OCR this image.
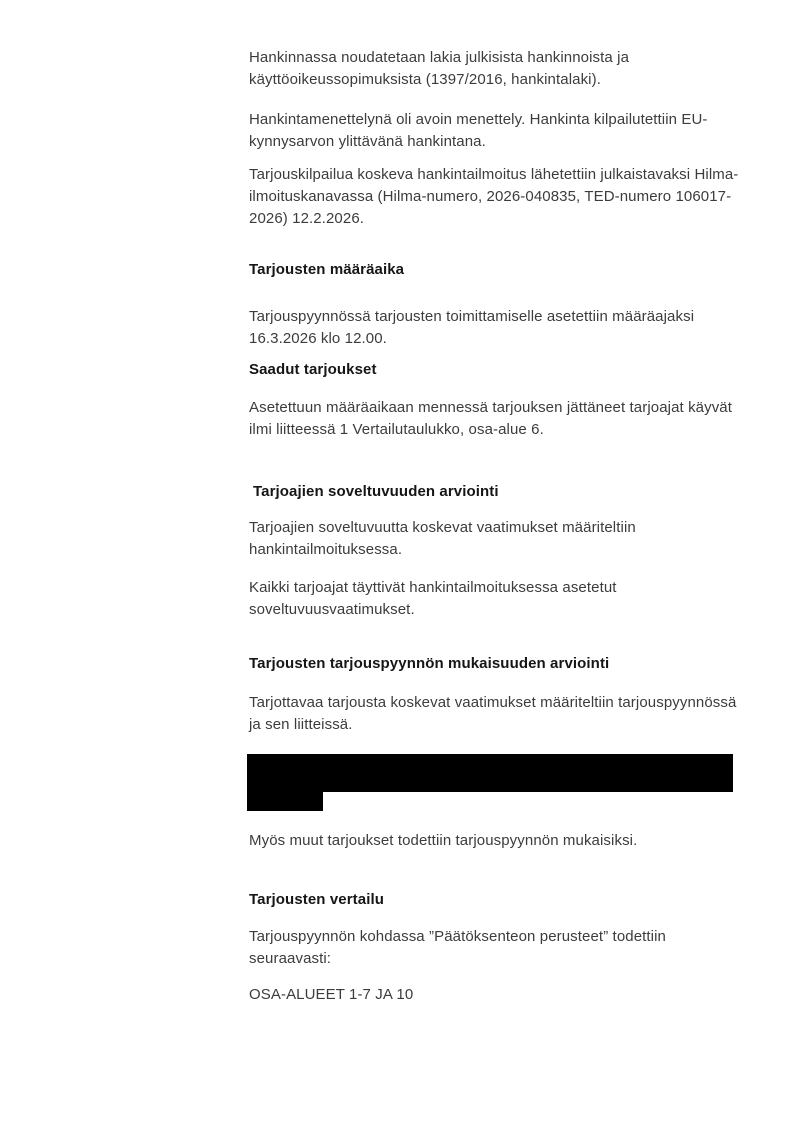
Hankinnassa noudatetaan lakia julkisista hankinnoista ja käyttöoikeussopimuksista (1397/2016, hankintalaki).

Hankintamenettelynä oli avoin menettely. Hankinta kilpailutettiin EU-kynnysarvon ylittävänä hankintana.

Tarjouskilpailua koskeva hankintailmoitus lähetettiin julkaistavaksi Hilma-ilmoituskanavassa (Hilma-numero, 2026-040835, TED-numero 106017-2026) 12.2.2026.

Tarjousten määräaika

Tarjouspyynnössä tarjousten toimittamiselle asetettiin määräajaksi 16.3.2026 klo 12.00.

Saadut tarjoukset

Asetettuun määräaikaan mennessä tarjouksen jättäneet tarjoajat käyvät ilmi liitteessä 1 Vertailutaulukko, osa-alue 6.

Tarjoajien soveltuvuuden arviointi

Tarjoajien soveltuvuutta koskevat vaatimukset määriteltiin hankintailmoituksessa.

Kaikki tarjoajat täyttivät hankintailmoituksessa asetetut soveltuvuusvaatimukset.

Tarjousten tarjouspyynnön mukaisuuden arviointi

Tarjottavaa tarjousta koskevat vaatimukset määriteltiin tarjouspyynnössä ja sen liitteissä.

Myös muut tarjoukset todettiin tarjouspyynnön mukaisiksi.

Tarjousten vertailu

Tarjouspyynnön kohdassa ”Päätöksenteon perusteet” todettiin seuraavasti:

OSA-ALUEET 1-7 JA 10
